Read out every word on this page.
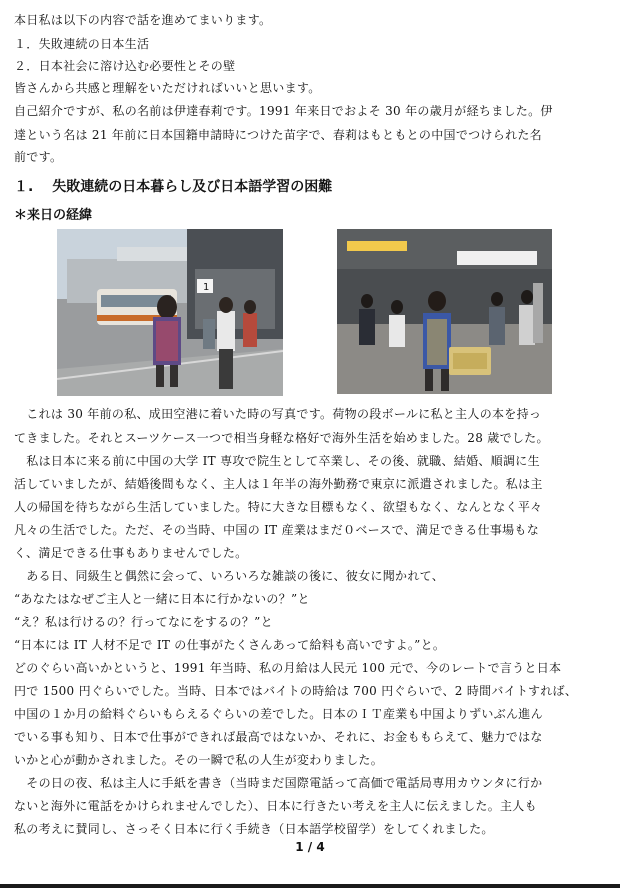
本日私は以下の内容で話を進めてまいります。
１．失敗連続の日本生活
２．日本社会に溶け込む必要性とその壁
皆さんから共感と理解をいただければいいと思います。
自己紹介ですが、私の名前は伊達春莉です。1991 年来日でおよそ 30 年の歳月が経ちました。伊
達という名は 21 年前に日本国籍申請時につけた苗字で、春莉はもともとの中国でつけられた名
前です。
１.　 失敗連続の日本暮らし及び日本語学習の困難
＊来日の経緯
1
　これは 30 年前の私、成田空港に着いた時の写真です。荷物の段ボールに私と主人の本を持っ
てきました。それとスーツケース一つで相当身軽な格好で海外生活を始めました。28 歳でした。
　私は日本に来る前に中国の大学 IT 専攻で院生として卒業し、その後、就職、結婚、順調に生
活していましたが、結婚後間もなく、主人は１年半の海外勤務で東京に派遣されました。私は主
人の帰国を待ちながら生活していました。特に大きな目標もなく、欲望もなく、なんとなく平々
凡々の生活でした。ただ、その当時、中国の IT 産業はまだ０ベースで、満足できる仕事場もな
く、満足できる仕事もありませんでした。
　ある日、同級生と偶然に会って、いろいろな雑談の後に、彼女に聞かれて、
“あなたはなぜご主人と一緒に日本に行かないの？”と
“え？私は行けるの？行ってなにをするの？”と
“日本には IT 人材不足で IT の仕事がたくさんあって給料も高いですよ。”と。
どのぐらい高いかというと、1991 年当時、私の月給は人民元 100 元で、今のレートで言うと日本
円で 1500 円ぐらいでした。当時、日本ではバイトの時給は 700 円ぐらいで、2 時間バイトすれば、
中国の１か月の給料ぐらいもらえるぐらいの差でした。日本のＩＴ産業も中国よりずいぶん進ん
でいる事も知り、日本で仕事ができれば最高ではないか、それに、お金ももらえて、魅力ではな
いかと心が動かされました。その一瞬で私の人生が変わりました。
　その日の夜、私は主人に手紙を書き（当時まだ国際電話って高価で電話局専用カウンタに行か
ないと海外に電話をかけられませんでした）、日本に行きたい考えを主人に伝えました。主人も
私の考えに賛同し、さっそく日本に行く手続き（日本語学校留学）をしてくれました。
1 / 4
